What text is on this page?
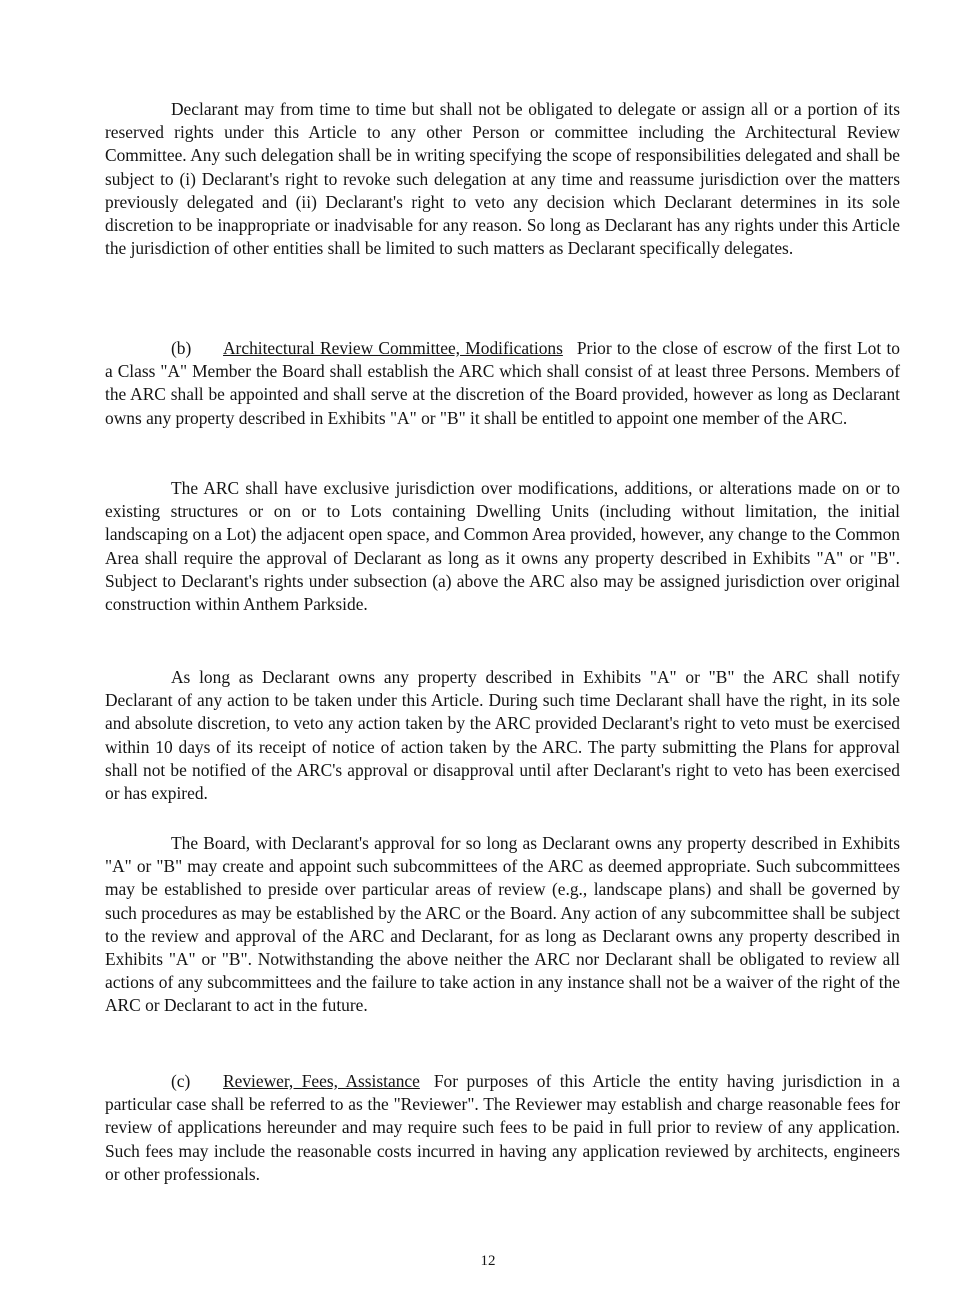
Declarant may from time to time but shall not be obligated to delegate or assign all or a portion of its reserved rights under this Article to any other Person or committee including the Architectural Review Committee. Any such delegation shall be in writing specifying the scope of responsibilities delegated and shall be subject to (i) Declarant's right to revoke such delegation at any time and reassume jurisdiction over the matters previously delegated and (ii) Declarant's right to veto any decision which Declarant determines in its sole discretion to be inappropriate or inadvisable for any reason. So long as Declarant has any rights under this Article the jurisdiction of other entities shall be limited to such matters as Declarant specifically delegates.

(b) Architectural Review Committee, Modifications Prior to the close of escrow of the first Lot to a Class "A" Member the Board shall establish the ARC which shall consist of at least three Persons. Members of the ARC shall be appointed and shall serve at the discretion of the Board provided, however as long as Declarant owns any property described in Exhibits "A" or "B" it shall be entitled to appoint one member of the ARC.

The ARC shall have exclusive jurisdiction over modifications, additions, or alterations made on or to existing structures or on or to Lots containing Dwelling Units (including without limitation, the initial landscaping on a Lot) the adjacent open space, and Common Area provided, however, any change to the Common Area shall require the approval of Declarant as long as it owns any property described in Exhibits "A" or "B". Subject to Declarant's rights under subsection (a) above the ARC also may be assigned jurisdiction over original construction within Anthem Parkside.

As long as Declarant owns any property described in Exhibits "A" or "B" the ARC shall notify Declarant of any action to be taken under this Article. During such time Declarant shall have the right, in its sole and absolute discretion, to veto any action taken by the ARC provided Declarant's right to veto must be exercised within 10 days of its receipt of notice of action taken by the ARC. The party submitting the Plans for approval shall not be notified of the ARC's approval or disapproval until after Declarant's right to veto has been exercised or has expired.

The Board, with Declarant's approval for so long as Declarant owns any property described in Exhibits "A" or "B" may create and appoint such subcommittees of the ARC as deemed appropriate. Such subcommittees may be established to preside over particular areas of review (e.g., landscape plans) and shall be governed by such procedures as may be established by the ARC or the Board. Any action of any subcommittee shall be subject to the review and approval of the ARC and Declarant, for as long as Declarant owns any property described in Exhibits "A" or "B". Notwithstanding the above neither the ARC nor Declarant shall be obligated to review all actions of any subcommittees and the failure to take action in any instance shall not be a waiver of the right of the ARC or Declarant to act in the future.

(c) Reviewer, Fees, Assistance For purposes of this Article the entity having jurisdiction in a particular case shall be referred to as the "Reviewer". The Reviewer may establish and charge reasonable fees for review of applications hereunder and may require such fees to be paid in full prior to review of any application. Such fees may include the reasonable costs incurred in having any application reviewed by architects, engineers or other professionals.

12
